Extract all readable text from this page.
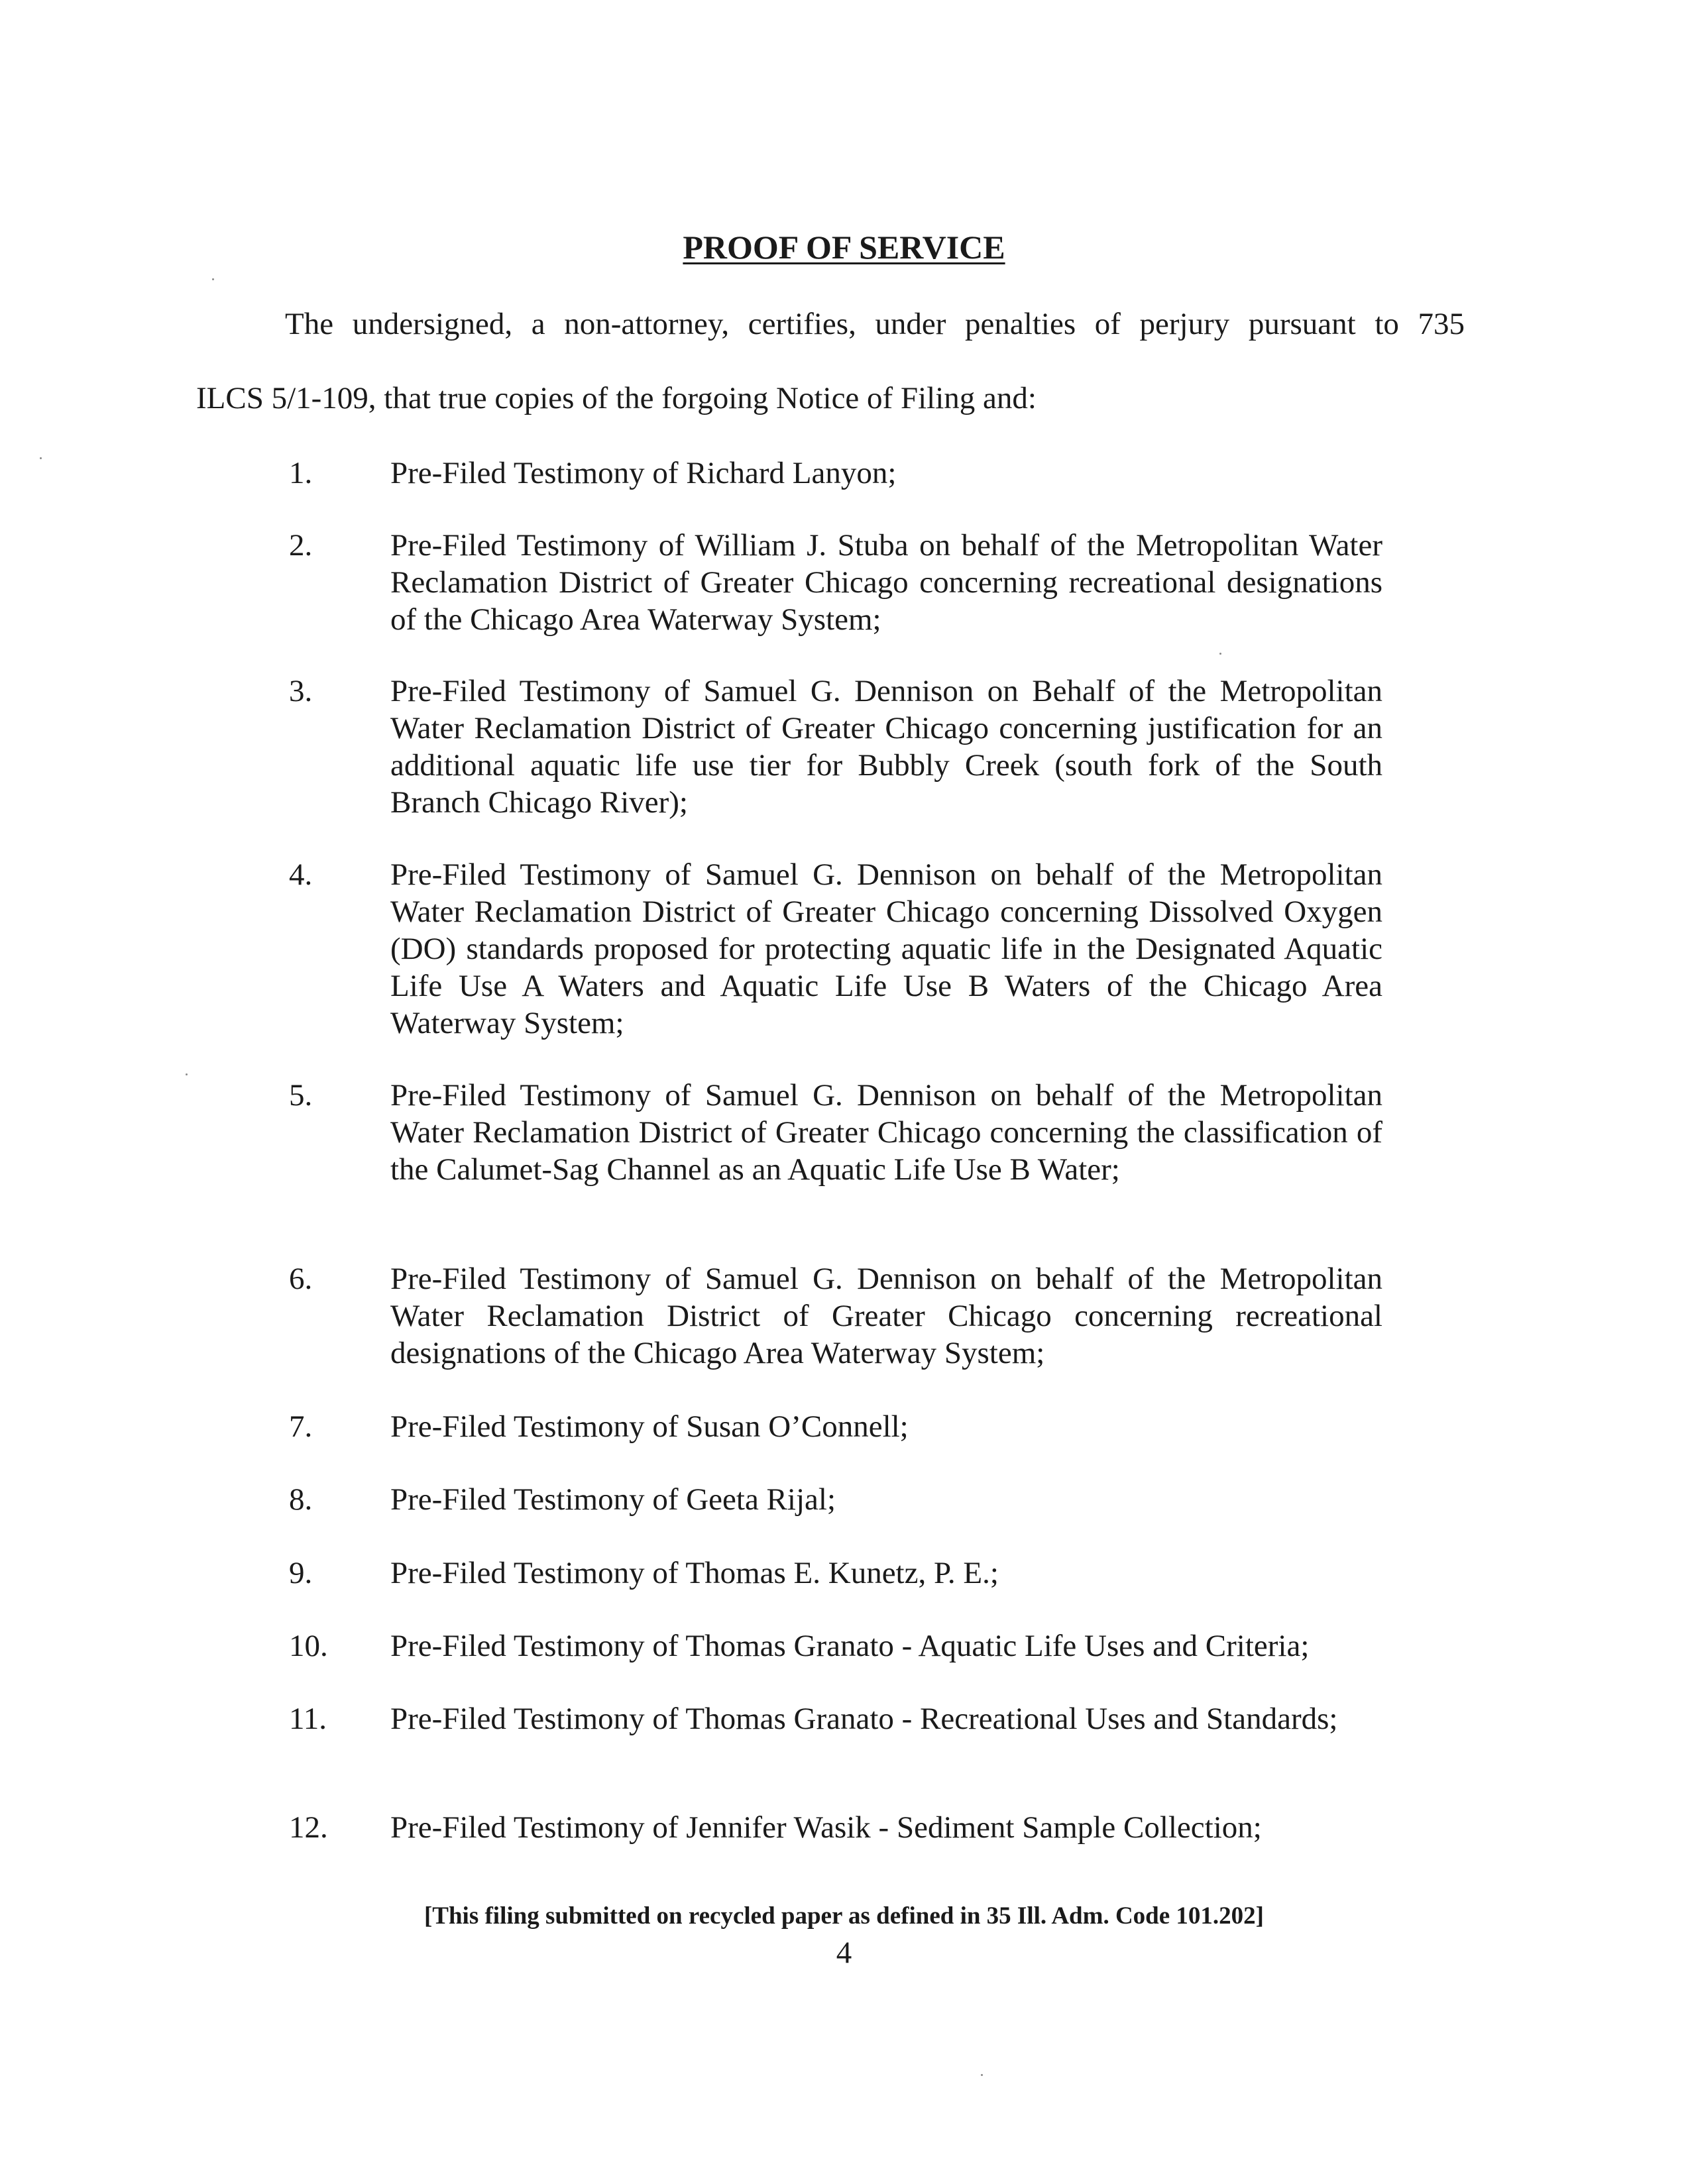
PROOF OF SERVICE
The undersigned, a non-attorney, certifies, under penalties of perjury pursuant to 735
ILCS 5/1-109, that true copies of the forgoing Notice of Filing and:
1.	Pre-Filed Testimony of Richard Lanyon;
2.	Pre-Filed Testimony of William J. Stuba on behalf of the Metropolitan Water Reclamation District of Greater Chicago concerning recreational designations of the Chicago Area Waterway System;
3.	Pre-Filed Testimony of Samuel G. Dennison on Behalf of the Metropolitan Water Reclamation District of Greater Chicago concerning justification for an additional aquatic life use tier for Bubbly Creek (south fork of the South Branch Chicago River);
4.	Pre-Filed Testimony of Samuel G. Dennison on behalf of the Metropolitan Water Reclamation District of Greater Chicago concerning Dissolved Oxygen (DO) standards proposed for protecting aquatic life in the Designated Aquatic Life Use A Waters and Aquatic Life Use B Waters of the Chicago Area Waterway System;
5.	Pre-Filed Testimony of Samuel G. Dennison on behalf of the Metropolitan Water Reclamation District of Greater Chicago concerning the classification of the Calumet-Sag Channel as an Aquatic Life Use B Water;
6.	Pre-Filed Testimony of Samuel G. Dennison on behalf of the Metropolitan Water Reclamation District of Greater Chicago concerning recreational designations of the Chicago Area Waterway System;
7.	Pre-Filed Testimony of Susan O’Connell;
8.	Pre-Filed Testimony of Geeta Rijal;
9.	Pre-Filed Testimony of Thomas E. Kunetz, P. E.;
10. Pre-Filed Testimony of Thomas Granato - Aquatic Life Uses and Criteria;
11. Pre-Filed Testimony of Thomas Granato - Recreational Uses and Standards;
12. Pre-Filed Testimony of Jennifer Wasik - Sediment Sample Collection;
[This filing submitted on recycled paper as defined in 35 Ill. Adm. Code 101.202]
4
